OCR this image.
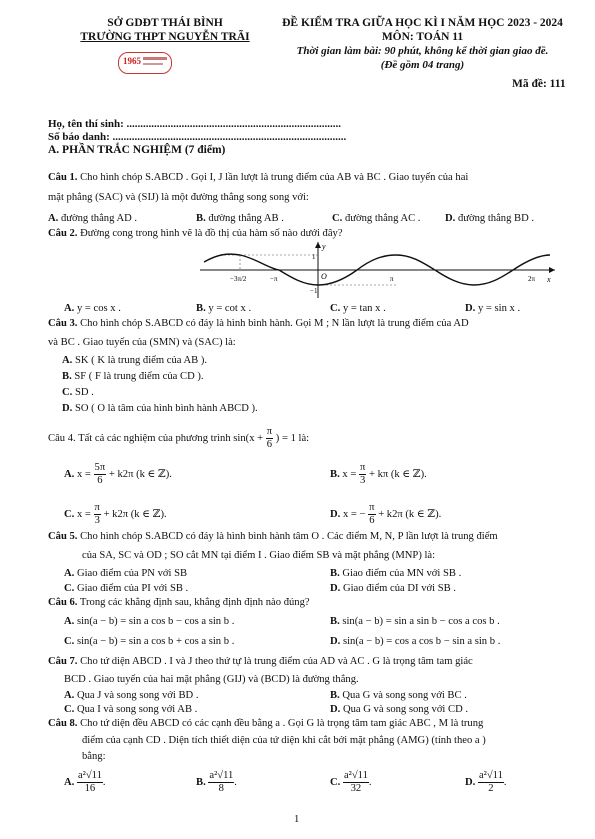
SỞ GDĐT THÁI BÌNH
TRƯỜNG THPT NGUYỄN TRÃI
1965
ĐỀ KIỂM TRA GIỮA HỌC KÌ I NĂM HỌC 2023 - 2024
MÔN: TOÁN 11
Thời gian làm bài: 90 phút, không kể thời gian giao đề.
(Đề gồm 04 trang)
Mã đề: 111
Họ, tên thí sinh: ..............................................................................
Số báo danh: .....................................................................................
A. PHẦN TRẮC NGHIỆM (7 điểm)
Câu 1. Cho hình chóp S.ABCD . Gọi I, J lần lượt là trung điểm của AB và BC . Giao tuyến của hai
mặt phẳng (SAC) và (SIJ) là một đường thẳng song song với:
A. đường thẳng AD .	B. đường thẳng AB .	C. đường thẳng AC . D. đường thẳng BD .
Câu 2. Đường cong trong hình vẽ là đồ thị của hàm số nào dưới đây?
y
x
O
1
−1
−3π/2	−π	π	2π
A. y = cos x .	B. y = cot x .	C. y = tan x .	D. y = sin x .
Câu 3. Cho hình chóp S.ABCD có đáy là hình bình hành. Gọi M ; N lần lượt là trung điểm của AD
và BC . Giao tuyến của (SMN) và (SAC) là:
A. SK ( K là trung điểm của AB ).
B. SF ( F là trung điểm của CD ).
C. SD .
D. SO ( O là tâm của hình bình hành ABCD ).
Câu 4. Tất cả các nghiệm của phương trình $\sin(x + \frac{\pi}{6}$ ) = 1 là:
A. $x = \frac{5\pi}{6} + k2\pi$ (k ∈ ℤ).	B. $x = \frac{\pi}{3} + k\pi$ (k ∈ ℤ).
C. $x = \frac{\pi}{3} + k2\pi$ (k ∈ ℤ).	D. x = − $\frac{\pi}{6} + k2\pi$ (k ∈ ℤ).
Câu 5. Cho hình chóp S.ABCD có đáy là hình bình hành tâm O . Các điểm M, N, P lần lượt là trung điểm
của SA, SC và OD ; SO cắt MN tại điểm I . Giao điểm SB và mặt phẳng (MNP) là:
A. Giao điểm của PN với SB	B. Giao điểm của MN với SB .
C. Giao điểm của PI với SB .	D. Giao điểm của DI với SB .
Câu 6. Trong các khẳng định sau, khẳng định định nào đúng?
A. sin(a − b) = sin a cos b − cos a sin b .	B. sin(a − b) = sin a sin b − cos a cos b .
C. sin(a − b) = sin a cos b + cos a sin b .	D. sin(a − b) = cos a cos b − sin a sin b .
Câu 7. Cho tứ diện ABCD . I và J theo thứ tự là trung điểm của AD và AC . G là trọng tâm tam giác
BCD . Giao tuyến của hai mặt phẳng (GIJ) và (BCD) là đường thẳng.
A. Qua J và song song với BD .	B. Qua G và song song với BC .
C. Qua I và song song với AB .	D. Qua G và song song với CD .
Câu 8. Cho tứ diện đều ABCD có các cạnh đều bằng a . Gọi G là trọng tâm tam giác ABC , M là trung
điểm của cạnh CD . Diện tích thiết diện của tứ diện khi cắt bởi mặt phẳng (AMG) (tính theo a )
bằng:
A. $\frac{\text{a²√11}}{16}$ .	B. $\frac{\text{a²√11}}{8}$ .	C. $\frac{\text{a²√11}}{32}$ .	D. $\frac{\text{a²√11}}{2}$ .
1
